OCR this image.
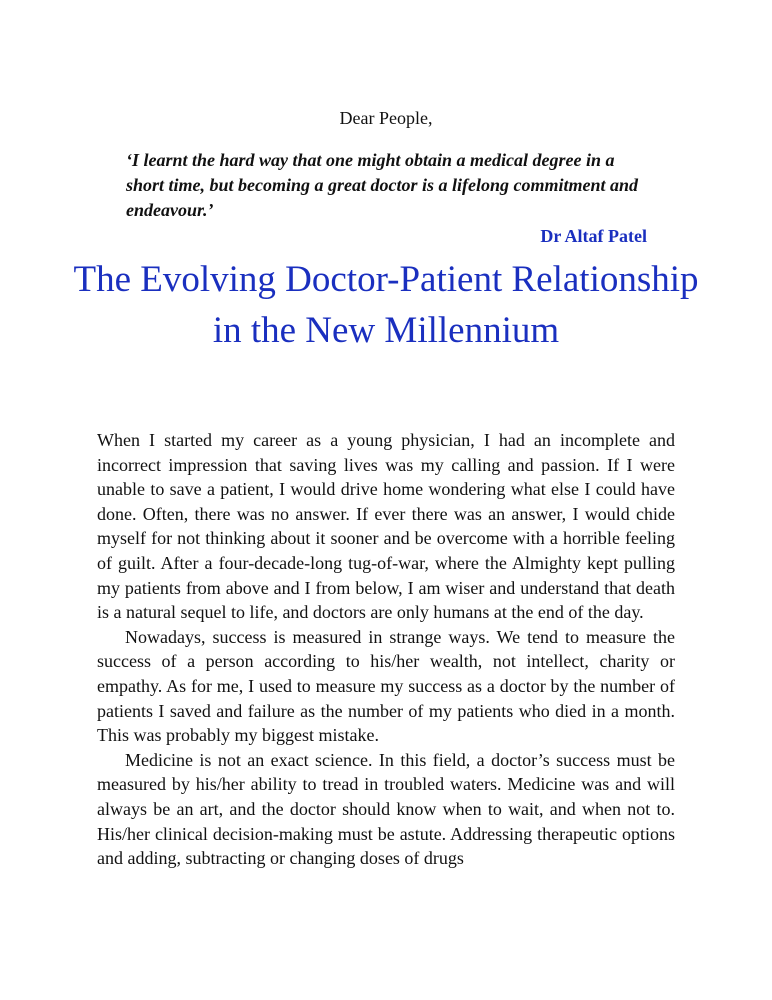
Dear People,

‘I learnt the hard way that one might obtain a medical degree in a short time, but becoming a great doctor is a lifelong commitment and endeavour.’

Dr Altaf Patel
The Evolving Doctor-Patient Relationship in the New Millennium

When I started my career as a young physician, I had an incomplete and incorrect impression that saving lives was my calling and passion. If I were unable to save a patient, I would drive home wondering what else I could have done. Often, there was no answer. If ever there was an answer, I would chide myself for not thinking about it sooner and be overcome with a horrible feeling of guilt. After a four-decade-long tug-of-war, where the Almighty kept pulling my patients from above and I from below, I am wiser and understand that death is a natural sequel to life, and doctors are only humans at the end of the day.

Nowadays, success is measured in strange ways. We tend to measure the success of a person according to his/her wealth, not intellect, charity or empathy. As for me, I used to measure my success as a doctor by the number of patients I saved and failure as the number of my patients who died in a month. This was probably my biggest mistake.

Medicine is not an exact science. In this field, a doctor’s success must be measured by his/her ability to tread in troubled waters. Medicine was and will always be an art, and the doctor should know when to wait, and when not to. His/her clinical decision-making must be astute. Addressing therapeutic options and adding, subtracting or changing doses of drugs
